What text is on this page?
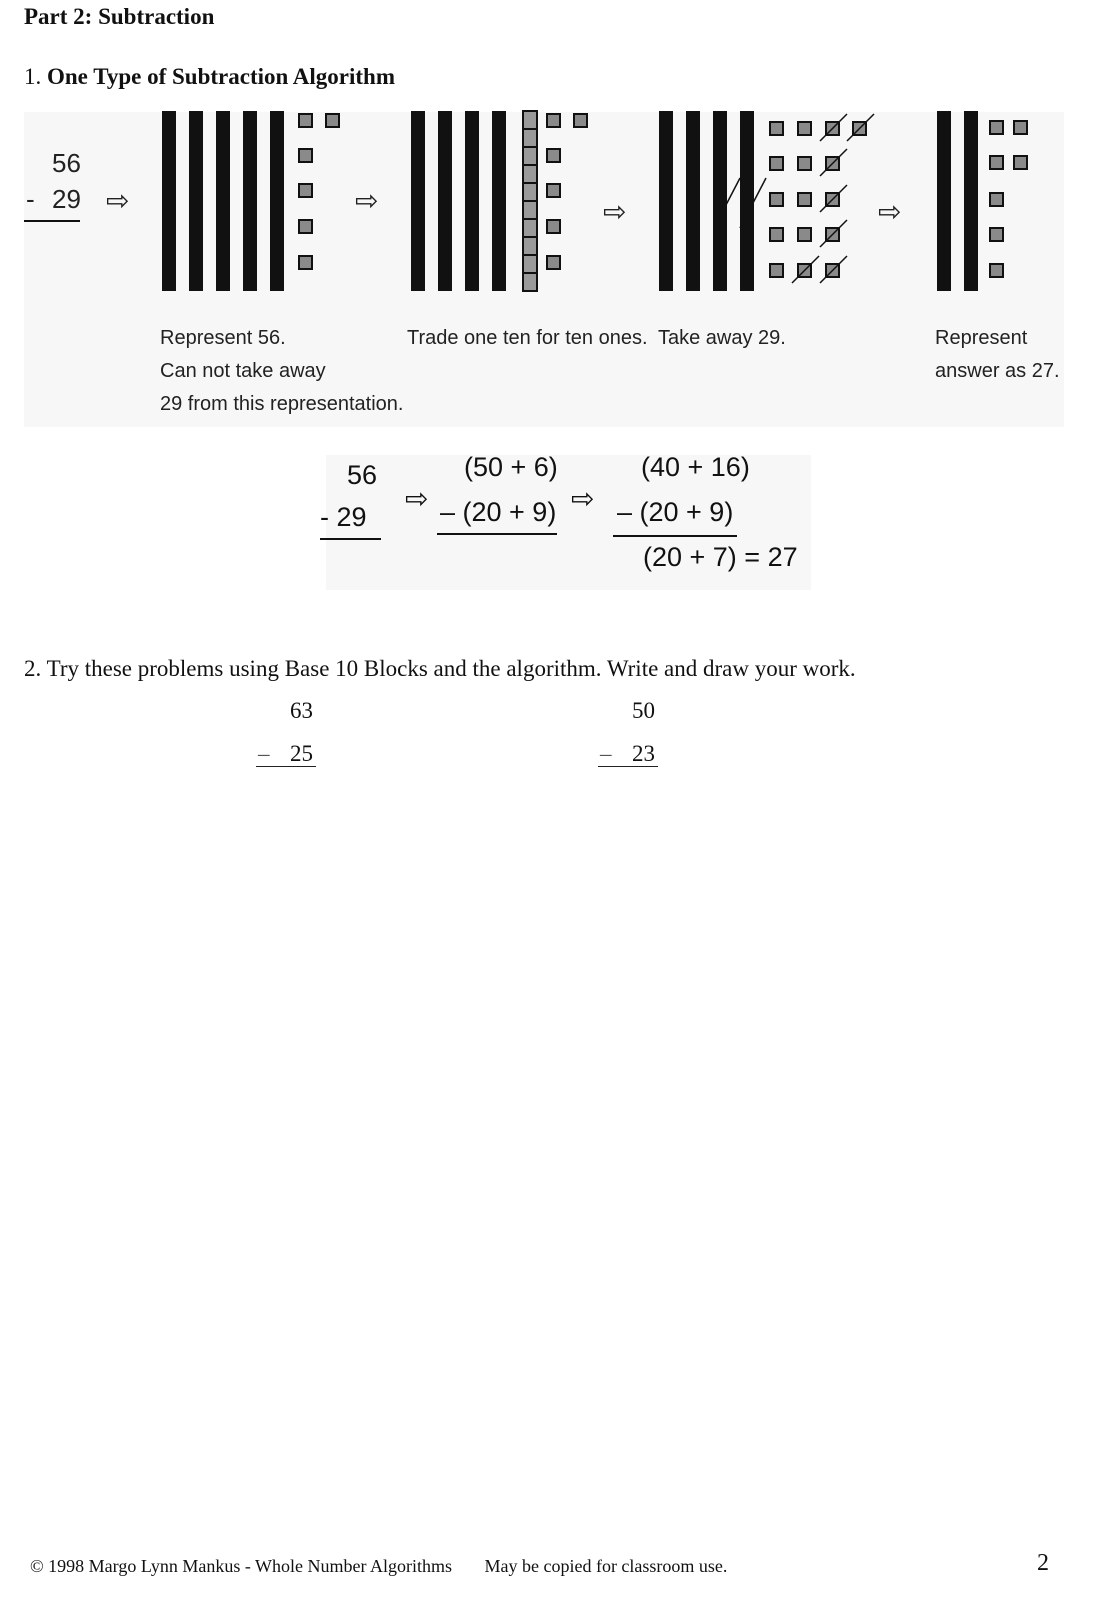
Part 2: Subtraction
1. One Type of Subtraction Algorithm
56
- 29 ⇨	⇨	⇨	⇨
Represent 56.
Can not take away
29 from this representation.
Trade one ten for ten ones. Take away 29.	Represent
answer as 27.
56
- 29
⇨
(50 + 6)
– (20 + 9) ⇨
(40 + 16)
– (20 + 9)
(20 + 7) = 27
2. Try these problems using Base 10 Blocks and the algorithm. Write and draw your work.
63
– 25
50
– 23
© 1998 Margo Lynn Mankus - Whole Number Algorithms May be copied for classroom use.	2
